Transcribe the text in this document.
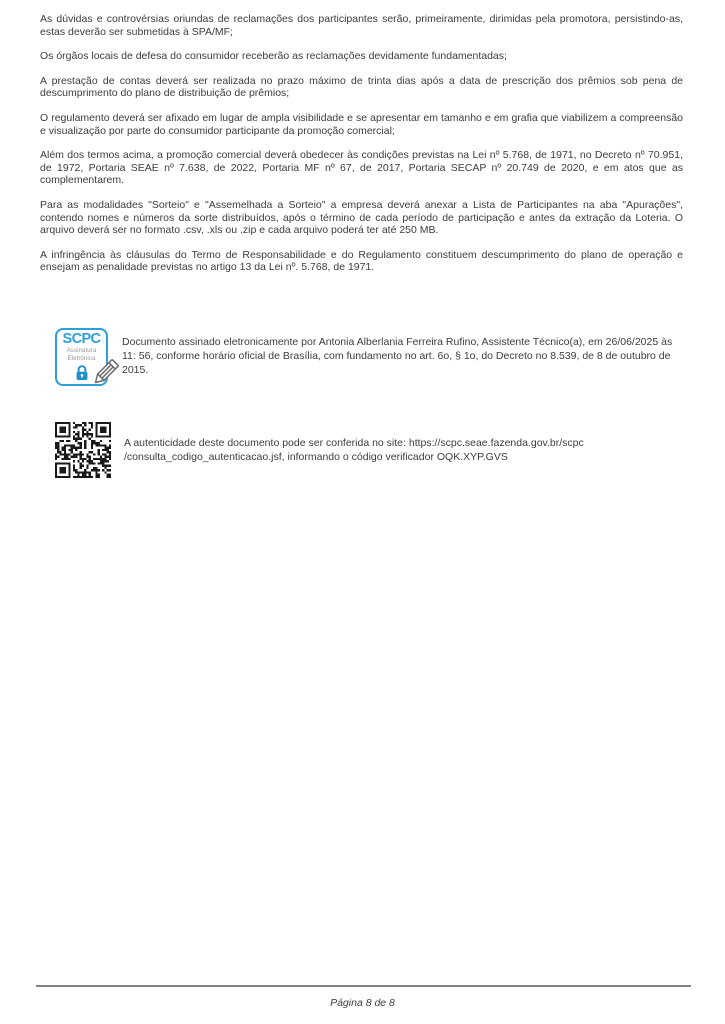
As dúvidas e controvérsias oriundas de reclamações dos participantes serão, primeiramente, dirimidas pela promotora, persistindo-as, estas deverão ser submetidas à SPA/MF;

Os órgãos locais de defesa do consumidor receberão as reclamações devidamente fundamentadas;

A prestação de contas deverá ser realizada no prazo máximo de trinta dias após a data de prescrição dos prêmios sob pena de descumprimento do plano de distribuição de prêmios;

O regulamento deverá ser afixado em lugar de ampla visibilidade e se apresentar em tamanho e em grafia que viabilizem a compreensão e visualização por parte do consumidor participante da promoção comercial;

Além dos termos acima, a promoção comercial deverá obedecer às condições previstas na Lei nº 5.768, de 1971, no Decreto nº 70.951, de 1972, Portaria SEAE nº 7.638, de 2022, Portaria MF nº 67, de 2017, Portaria SECAP nº 20.749 de 2020, e em atos que as complementarem.

Para as modalidades "Sorteio" e "Assemelhada a Sorteio" a empresa deverá anexar a Lista de Participantes na aba "Apurações", contendo nomes e números da sorte distribuídos, após o término de cada período de participação e antes da extração da Loteria. O arquivo deverá ser no formato .csv, .xls ou .zip e cada arquivo poderá ter até 250 MB.

A infringência às cláusulas do Termo de Responsabilidade e do Regulamento constituem descumprimento do plano de operação e ensejam as penalidade previstas no artigo 13 da Lei nº. 5.768, de 1971.

SCPC
Assinatura
Eletrônica

Documento assinado eletronicamente por Antonia Alberlania Ferreira Rufino, Assistente Técnico(a), em 26/06/2025 às 11: 56, conforme horário oficial de Brasília, com fundamento no art. 6o, § 1o, do Decreto no 8.539, de 8 de outubro de 2015.

A autenticidade deste documento pode ser conferida no site: https://scpc.seae.fazenda.gov.br/scpc /consulta_codigo_autenticacao.jsf, informando o código verificador OQK.XYP.GVS

Página 8 de 8
